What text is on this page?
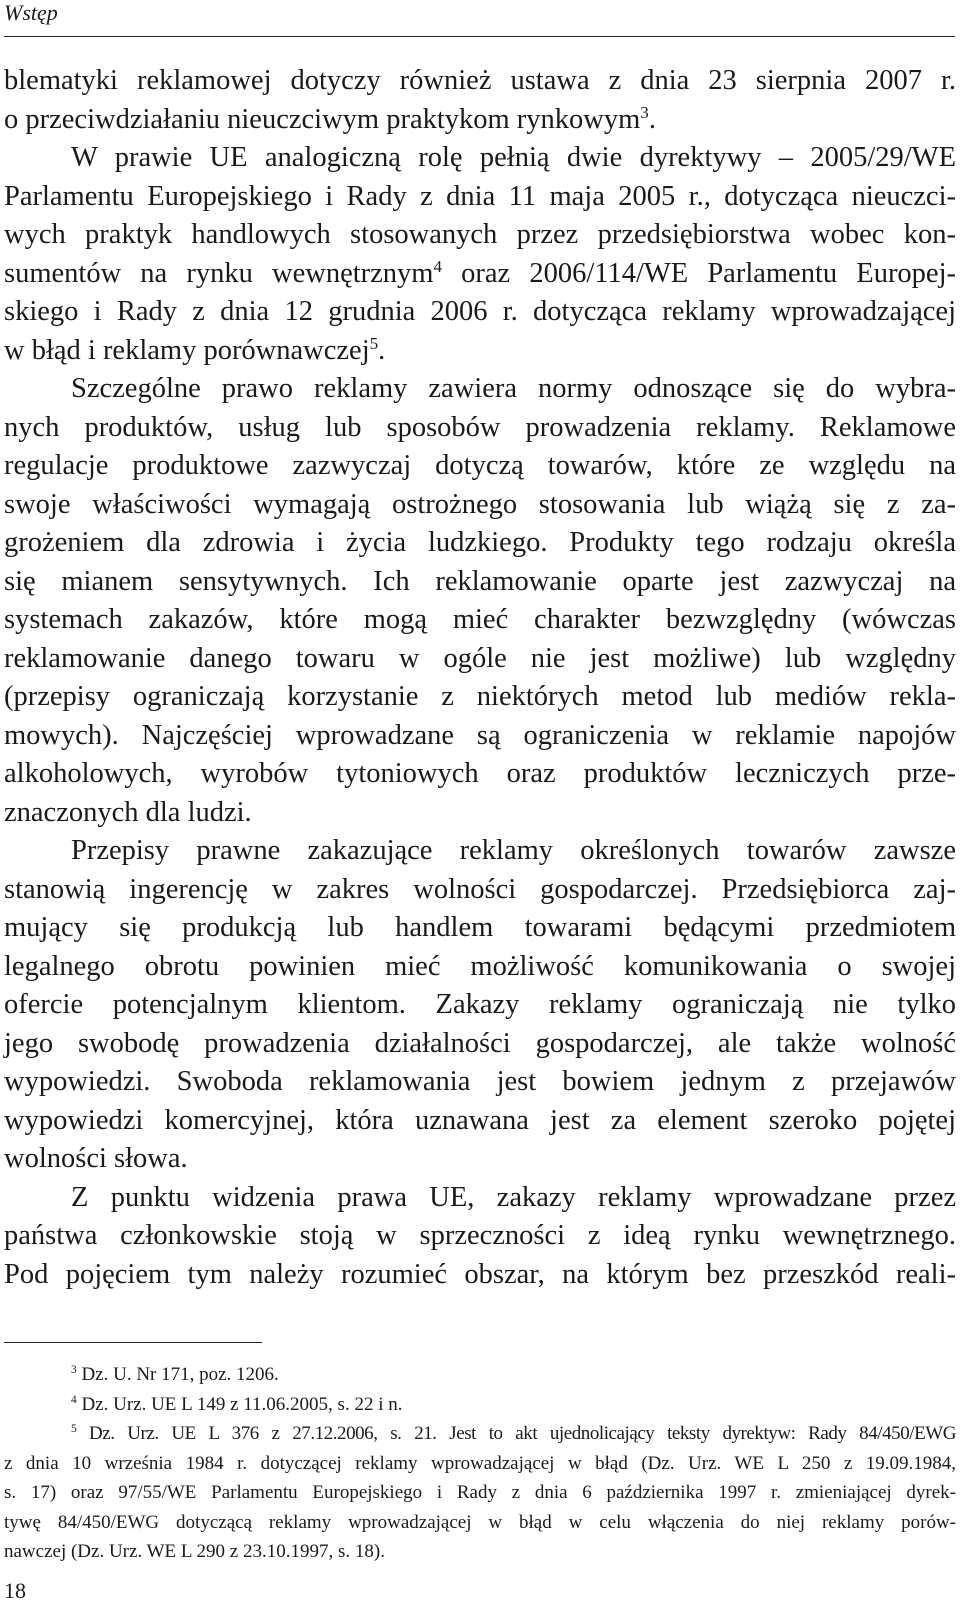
Wstęp
blematyki reklamowej dotyczy również ustawa z dnia 23 sierpnia 2007 r.
o przeciwdziałaniu nieuczciwym praktykom rynkowym$^3$.
W prawie UE analogiczną rolę pełnią dwie dyrektywy – 2005/29/WE
Parlamentu Europejskiego i Rady z dnia 11 maja 2005 r., dotycząca nieuczci-
wych praktyk handlowych stosowanych przez przedsiębiorstwa wobec kon-
sumentów na rynku wewnętrznym$^4$ oraz 2006/114/WE Parlamentu Europej-
skiego i Rady z dnia 12 grudnia 2006 r. dotycząca reklamy wprowadzającej
w błąd i reklamy porównawczej$^5$.
Szczególne prawo reklamy zawiera normy odnoszące się do wybra-
nych produktów, usług lub sposobów prowadzenia reklamy. Reklamowe
regulacje produktowe zazwyczaj dotyczą towarów, które ze względu na
swoje właściwości wymagają ostrożnego stosowania lub wiążą się z za-
grożeniem dla zdrowia i życia ludzkiego. Produkty tego rodzaju określa
się mianem sensytywnych. Ich reklamowanie oparte jest zazwyczaj na
systemach zakazów, które mogą mieć charakter bezwzględny (wówczas
reklamowanie danego towaru w ogóle nie jest możliwe) lub względny
(przepisy ograniczają korzystanie z niektórych metod lub mediów rekla-
mowych). Najczęściej wprowadzane są ograniczenia w reklamie napojów
alkoholowych, wyrobów tytoniowych oraz produktów leczniczych prze-
znaczonych dla ludzi.
Przepisy prawne zakazujące reklamy określonych towarów zawsze
stanowią ingerencję w zakres wolności gospodarczej. Przedsiębiorca zaj-
mujący się produkcją lub handlem towarami będącymi przedmiotem
legalnego obrotu powinien mieć możliwość komunikowania o swojej
ofercie potencjalnym klientom. Zakazy reklamy ograniczają nie tylko
jego swobodę prowadzenia działalności gospodarczej, ale także wolność
wypowiedzi. Swoboda reklamowania jest bowiem jednym z przejawów
wypowiedzi komercyjnej, która uznawana jest za element szeroko pojętej
wolności słowa.
Z punktu widzenia prawa UE, zakazy reklamy wprowadzane przez
państwa członkowskie stoją w sprzeczności z ideą rynku wewnętrznego.
Pod pojęciem tym należy rozumieć obszar, na którym bez przeszkód reali-
$^3$ Dz. U. Nr 171, poz. 1206.
$^4$ Dz. Urz. UE L 149 z 11.06.2005, s. 22 i n.
$^5$ Dz. Urz. UE L 376 z 27.12.2006, s. 21. Jest to akt ujednolicający teksty dyrektyw: Rady 84/450/EWG
z dnia 10 września 1984 r. dotyczącej reklamy wprowadzającej w błąd (Dz. Urz. WE L 250 z 19.09.1984,
s. 17) oraz 97/55/WE Parlamentu Europejskiego i Rady z dnia 6 października 1997 r. zmieniającej dyrek-
tywę 84/450/EWG dotyczącą reklamy wprowadzającej w błąd w celu włączenia do niej reklamy porów-
nawczej (Dz. Urz. WE L 290 z 23.10.1997, s. 18).
18
